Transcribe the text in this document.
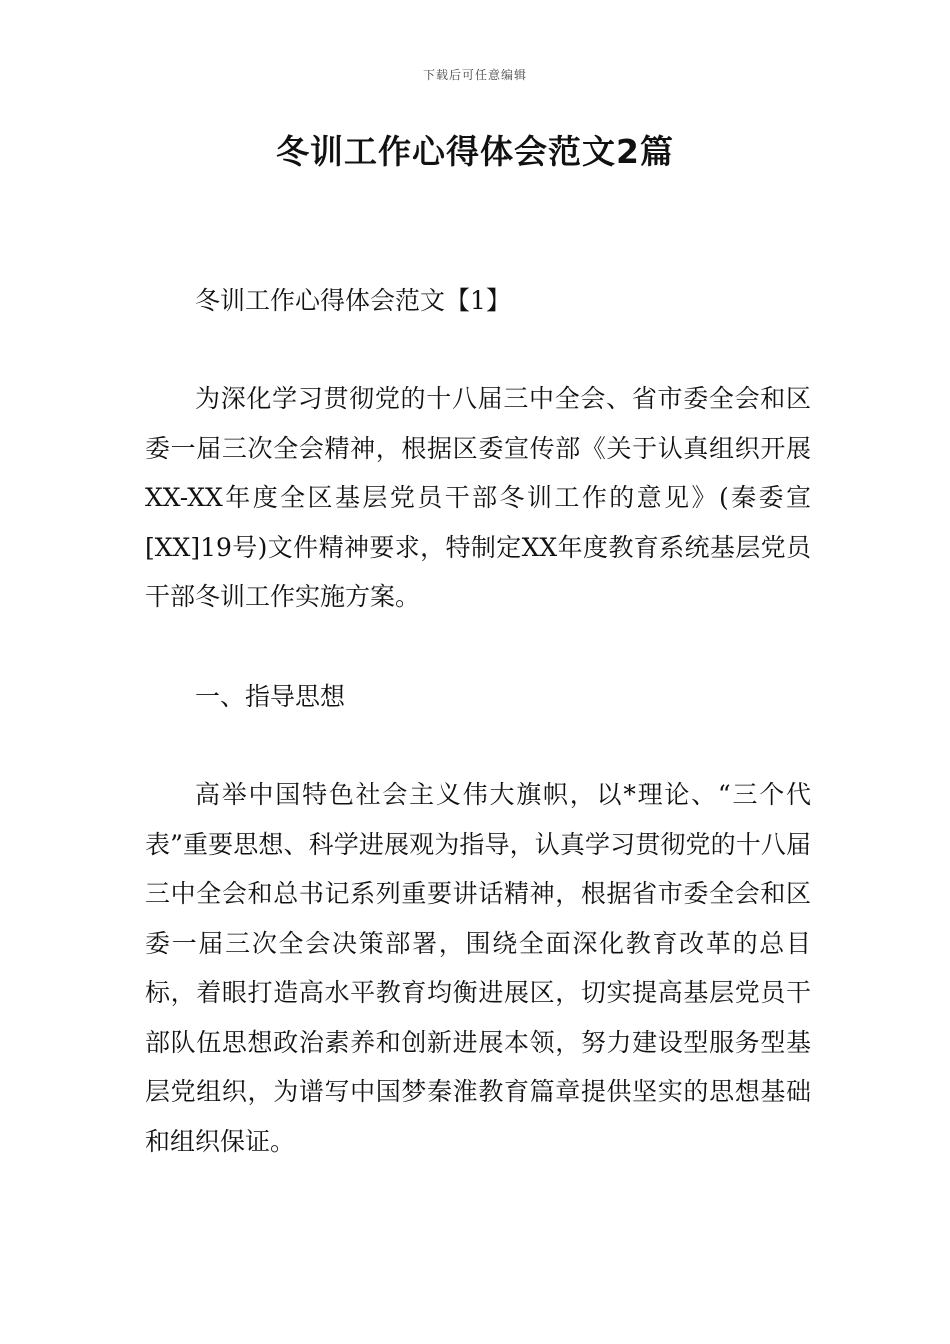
下载后可任意编辑
冬训工作心得体会范文2篇

冬训工作心得体会范文【1】

为深化学习贯彻党的十八届三中全会、省市委全会和区委一届三次全会精神，根据区委宣传部《关于认真组织开展XX-XX年度全区基层党员干部冬训工作的意见》(秦委宣[XX]19号)文件精神要求，特制定XX年度教育系统基层党员干部冬训工作实施方案。

一、指导思想

高举中国特色社会主义伟大旗帜，以*理论、“三个代表”重要思想、科学进展观为指导，认真学习贯彻党的十八届三中全会和总书记系列重要讲话精神，根据省市委全会和区委一届三次全会决策部署，围绕全面深化教育改革的总目标，着眼打造高水平教育均衡进展区，切实提高基层党员干部队伍思想政治素养和创新进展本领，努力建设型服务型基层党组织，为谱写中国梦秦淮教育篇章提供坚实的思想基础和组织保证。
